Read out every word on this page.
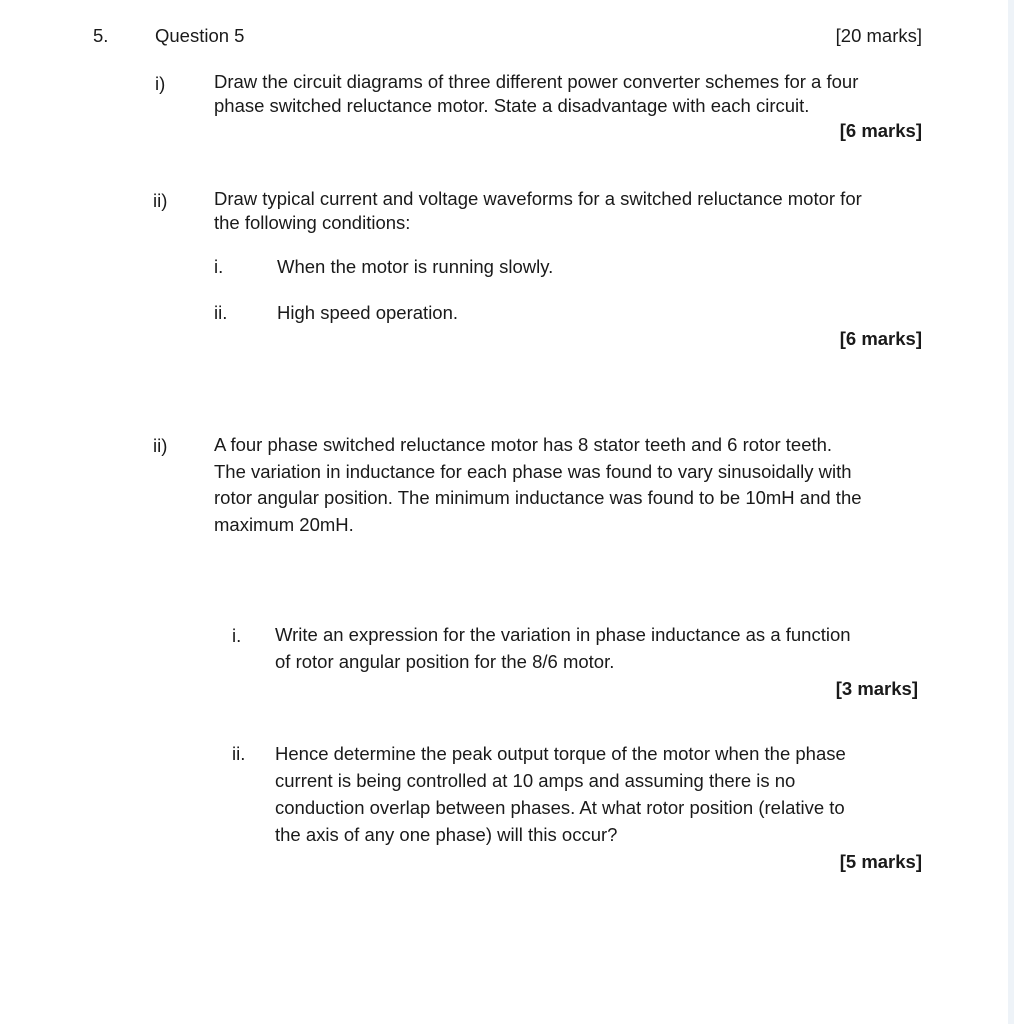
5.	Question 5	[20 marks]
i)	Draw the circuit diagrams of three different power converter schemes for a four
phase switched reluctance motor. State a disadvantage with each circuit.
[6 marks]
ii)	Draw typical current and voltage waveforms for a switched reluctance motor for
the following conditions:
i.	When the motor is running slowly.
ii.	High speed operation.
[6 marks]
ii)	A four phase switched reluctance motor has 8 stator teeth and 6 rotor teeth.
The variation in inductance for each phase was found to vary sinusoidally with
rotor angular position. The minimum inductance was found to be 10mH and the
maximum 20mH.
i. Write an expression for the variation in phase inductance as a function
of rotor angular position for the 8/6 motor.
[3 marks]
ii. Hence determine the peak output torque of the motor when the phase
current is being controlled at 10 amps and assuming there is no
conduction overlap between phases. At what rotor position (relative to
the axis of any one phase) will this occur?
[5 marks]
